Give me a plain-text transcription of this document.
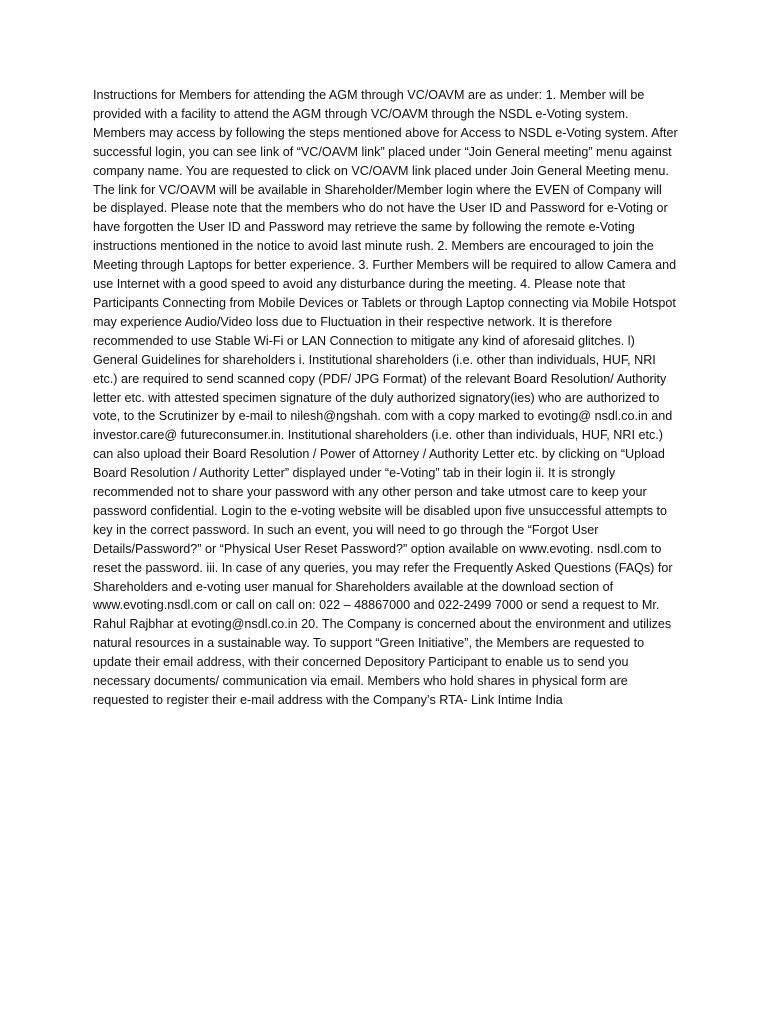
Instructions for Members for attending the AGM through VC/OAVM are as under: 1. Member will be provided with a facility to attend the AGM through VC/OAVM through the NSDL e-Voting system. Members may access by following the steps mentioned above for Access to NSDL e-Voting system. After successful login, you can see link of “VC/OAVM link” placed under “Join General meeting” menu against company name. You are requested to click on VC/OAVM link placed under Join General Meeting menu. The link for VC/OAVM will be available in Shareholder/Member login where the EVEN of Company will be displayed. Please note that the members who do not have the User ID and Password for e-Voting or have forgotten the User ID and Password may retrieve the same by following the remote e-Voting instructions mentioned in the notice to avoid last minute rush. 2. Members are encouraged to join the Meeting through Laptops for better experience. 3. Further Members will be required to allow Camera and use Internet with a good speed to avoid any disturbance during the meeting. 4. Please note that Participants Connecting from Mobile Devices or Tablets or through Laptop connecting via Mobile Hotspot may experience Audio/Video loss due to Fluctuation in their respective network. It is therefore recommended to use Stable Wi-Fi or LAN Connection to mitigate any kind of aforesaid glitches. l) General Guidelines for shareholders i. Institutional shareholders (i.e. other than individuals, HUF, NRI etc.) are required to send scanned copy (PDF/ JPG Format) of the relevant Board Resolution/ Authority letter etc. with attested specimen signature of the duly authorized signatory(ies) who are authorized to vote, to the Scrutinizer by e-mail to nilesh@ngshah. com with a copy marked to evoting@ nsdl.co.in and investor.care@ futureconsumer.in. Institutional shareholders (i.e. other than individuals, HUF, NRI etc.) can also upload their Board Resolution / Power of Attorney / Authority Letter etc. by clicking on “Upload Board Resolution / Authority Letter” displayed under “e-Voting” tab in their login ii. It is strongly recommended not to share your password with any other person and take utmost care to keep your password confidential. Login to the e-voting website will be disabled upon five unsuccessful attempts to key in the correct password. In such an event, you will need to go through the “Forgot User Details/Password?” or “Physical User Reset Password?” option available on www.evoting. nsdl.com to reset the password. iii. In case of any queries, you may refer the Frequently Asked Questions (FAQs) for Shareholders and e-voting user manual for Shareholders available at the download section of www.evoting.nsdl.com or call on call on: 022 – 48867000 and 022-2499 7000 or send a request to Mr. Rahul Rajbhar at evoting@nsdl.co.in 20. The Company is concerned about the environment and utilizes natural resources in a sustainable way. To support “Green Initiative”, the Members are requested to update their email address, with their concerned Depository Participant to enable us to send you necessary documents/ communication via email. Members who hold shares in physical form are requested to register their e-mail address with the Company’s RTA- Link Intime India
